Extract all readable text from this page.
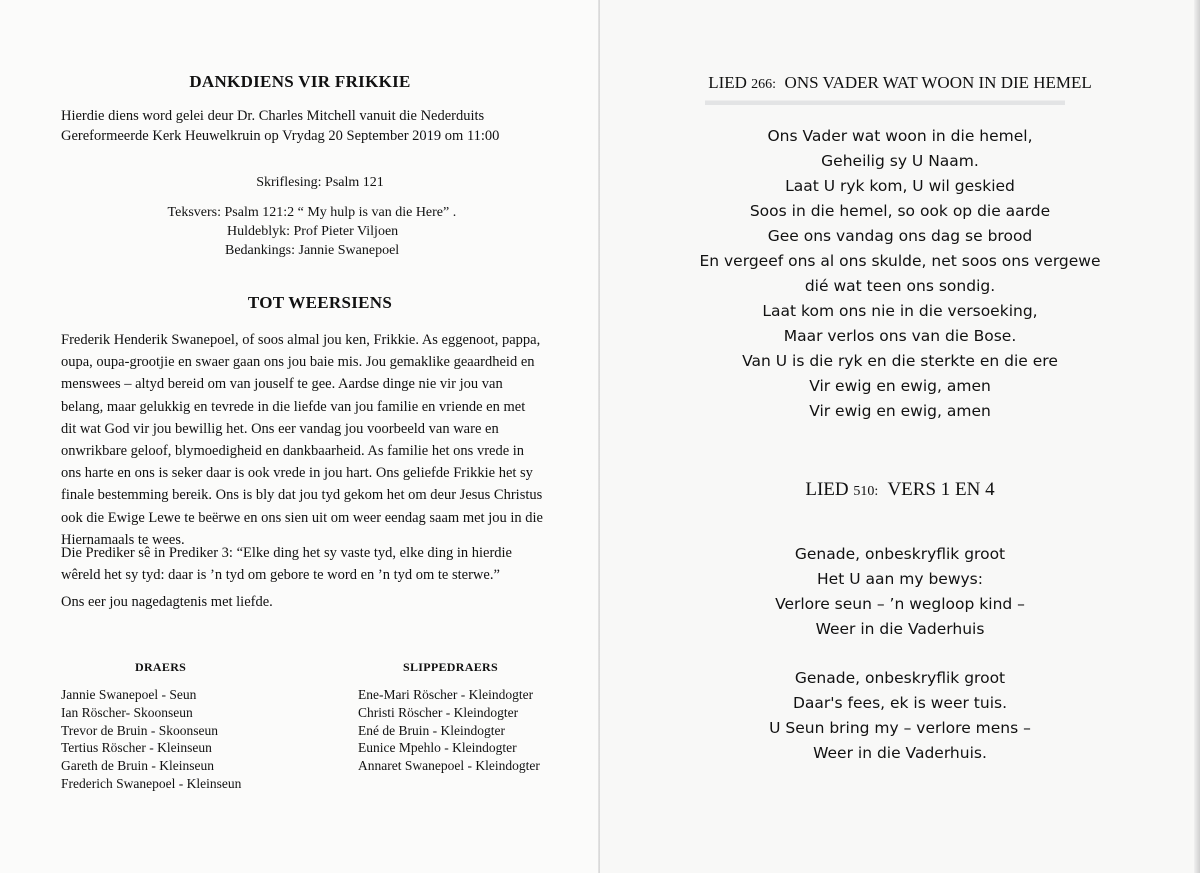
DANKDIENS VIR FRIKKIE
Hierdie diens word gelei deur Dr. Charles Mitchell vanuit die Nederduits
Gereformeerde Kerk Heuwelkruin op Vrydag 20 September 2019 om 11:00
Skriflesing: Psalm 121
Teksvers: Psalm 121:2 “ My hulp is van die Here” .
Huldeblyk: Prof Pieter Viljoen
Bedankings: Jannie Swanepoel
TOT WEERSIENS
Frederik Henderik Swanepoel, of soos almal jou ken, Frikkie. As eggenoot, pappa,
oupa, oupa-grootjie en swaer gaan ons jou baie mis. Jou gemaklike geaardheid en
menswees – altyd bereid om van jouself te gee. Aardse dinge nie vir jou van
belang, maar gelukkig en tevrede in die liefde van jou familie en vriende en met
dit wat God vir jou bewillig het. Ons eer vandag jou voorbeeld van ware en
onwrikbare geloof, blymoedigheid en dankbaarheid. As familie het ons vrede in
ons harte en ons is seker daar is ook vrede in jou hart. Ons geliefde Frikkie het sy
finale bestemming bereik. Ons is bly dat jou tyd gekom het om deur Jesus Christus
ook die Ewige Lewe te beërwe en ons sien uit om weer eendag saam met jou in die
Hiernamaals te wees.
Die Prediker sê in Prediker 3: “Elke ding het sy vaste tyd, elke ding in hierdie
wêreld het sy tyd: daar is ’n tyd om gebore te word en ’n tyd om te sterwe.”
Ons eer jou nagedagtenis met liefde.
DRAERS
Jannie Swanepoel - Seun
Ian Röscher- Skoonseun
Trevor de Bruin - Skoonseun
Tertius Röscher - Kleinseun
Gareth de Bruin - Kleinseun
Frederich Swanepoel - Kleinseun
SLIPPEDRAERS
Ene-Mari Röscher - Kleindogter
Christi Röscher - Kleindogter
Ené de Bruin - Kleindogter
Eunice Mpehlo - Kleindogter
Annaret Swanepoel - Kleindogter
▬▬▬▬▬▬▬▬▬▬▬▬▬▬▬▬▬▬▬▬▬▬▬▬
LIED 266: ONS VADER WAT WOON IN DIE HEMEL
Ons Vader wat woon in die hemel,
Geheilig sy U Naam.
Laat U ryk kom, U wil geskied
Soos in die hemel, so ook op die aarde
Gee ons vandag ons dag se brood
En vergeef ons al ons skulde, net soos ons vergewe
dié wat teen ons sondig.
Laat kom ons nie in die versoeking,
Maar verlos ons van die Bose.
Van U is die ryk en die sterkte en die ere
Vir ewig en ewig, amen
Vir ewig en ewig, amen
LIED 510: VERS 1 EN 4
Genade, onbeskryflik groot
Het U aan my bewys:
Verlore seun – ’n wegloop kind –
Weer in die Vaderhuis
Genade, onbeskryflik groot
Daar's fees, ek is weer tuis.
U Seun bring my – verlore mens –
Weer in die Vaderhuis.
